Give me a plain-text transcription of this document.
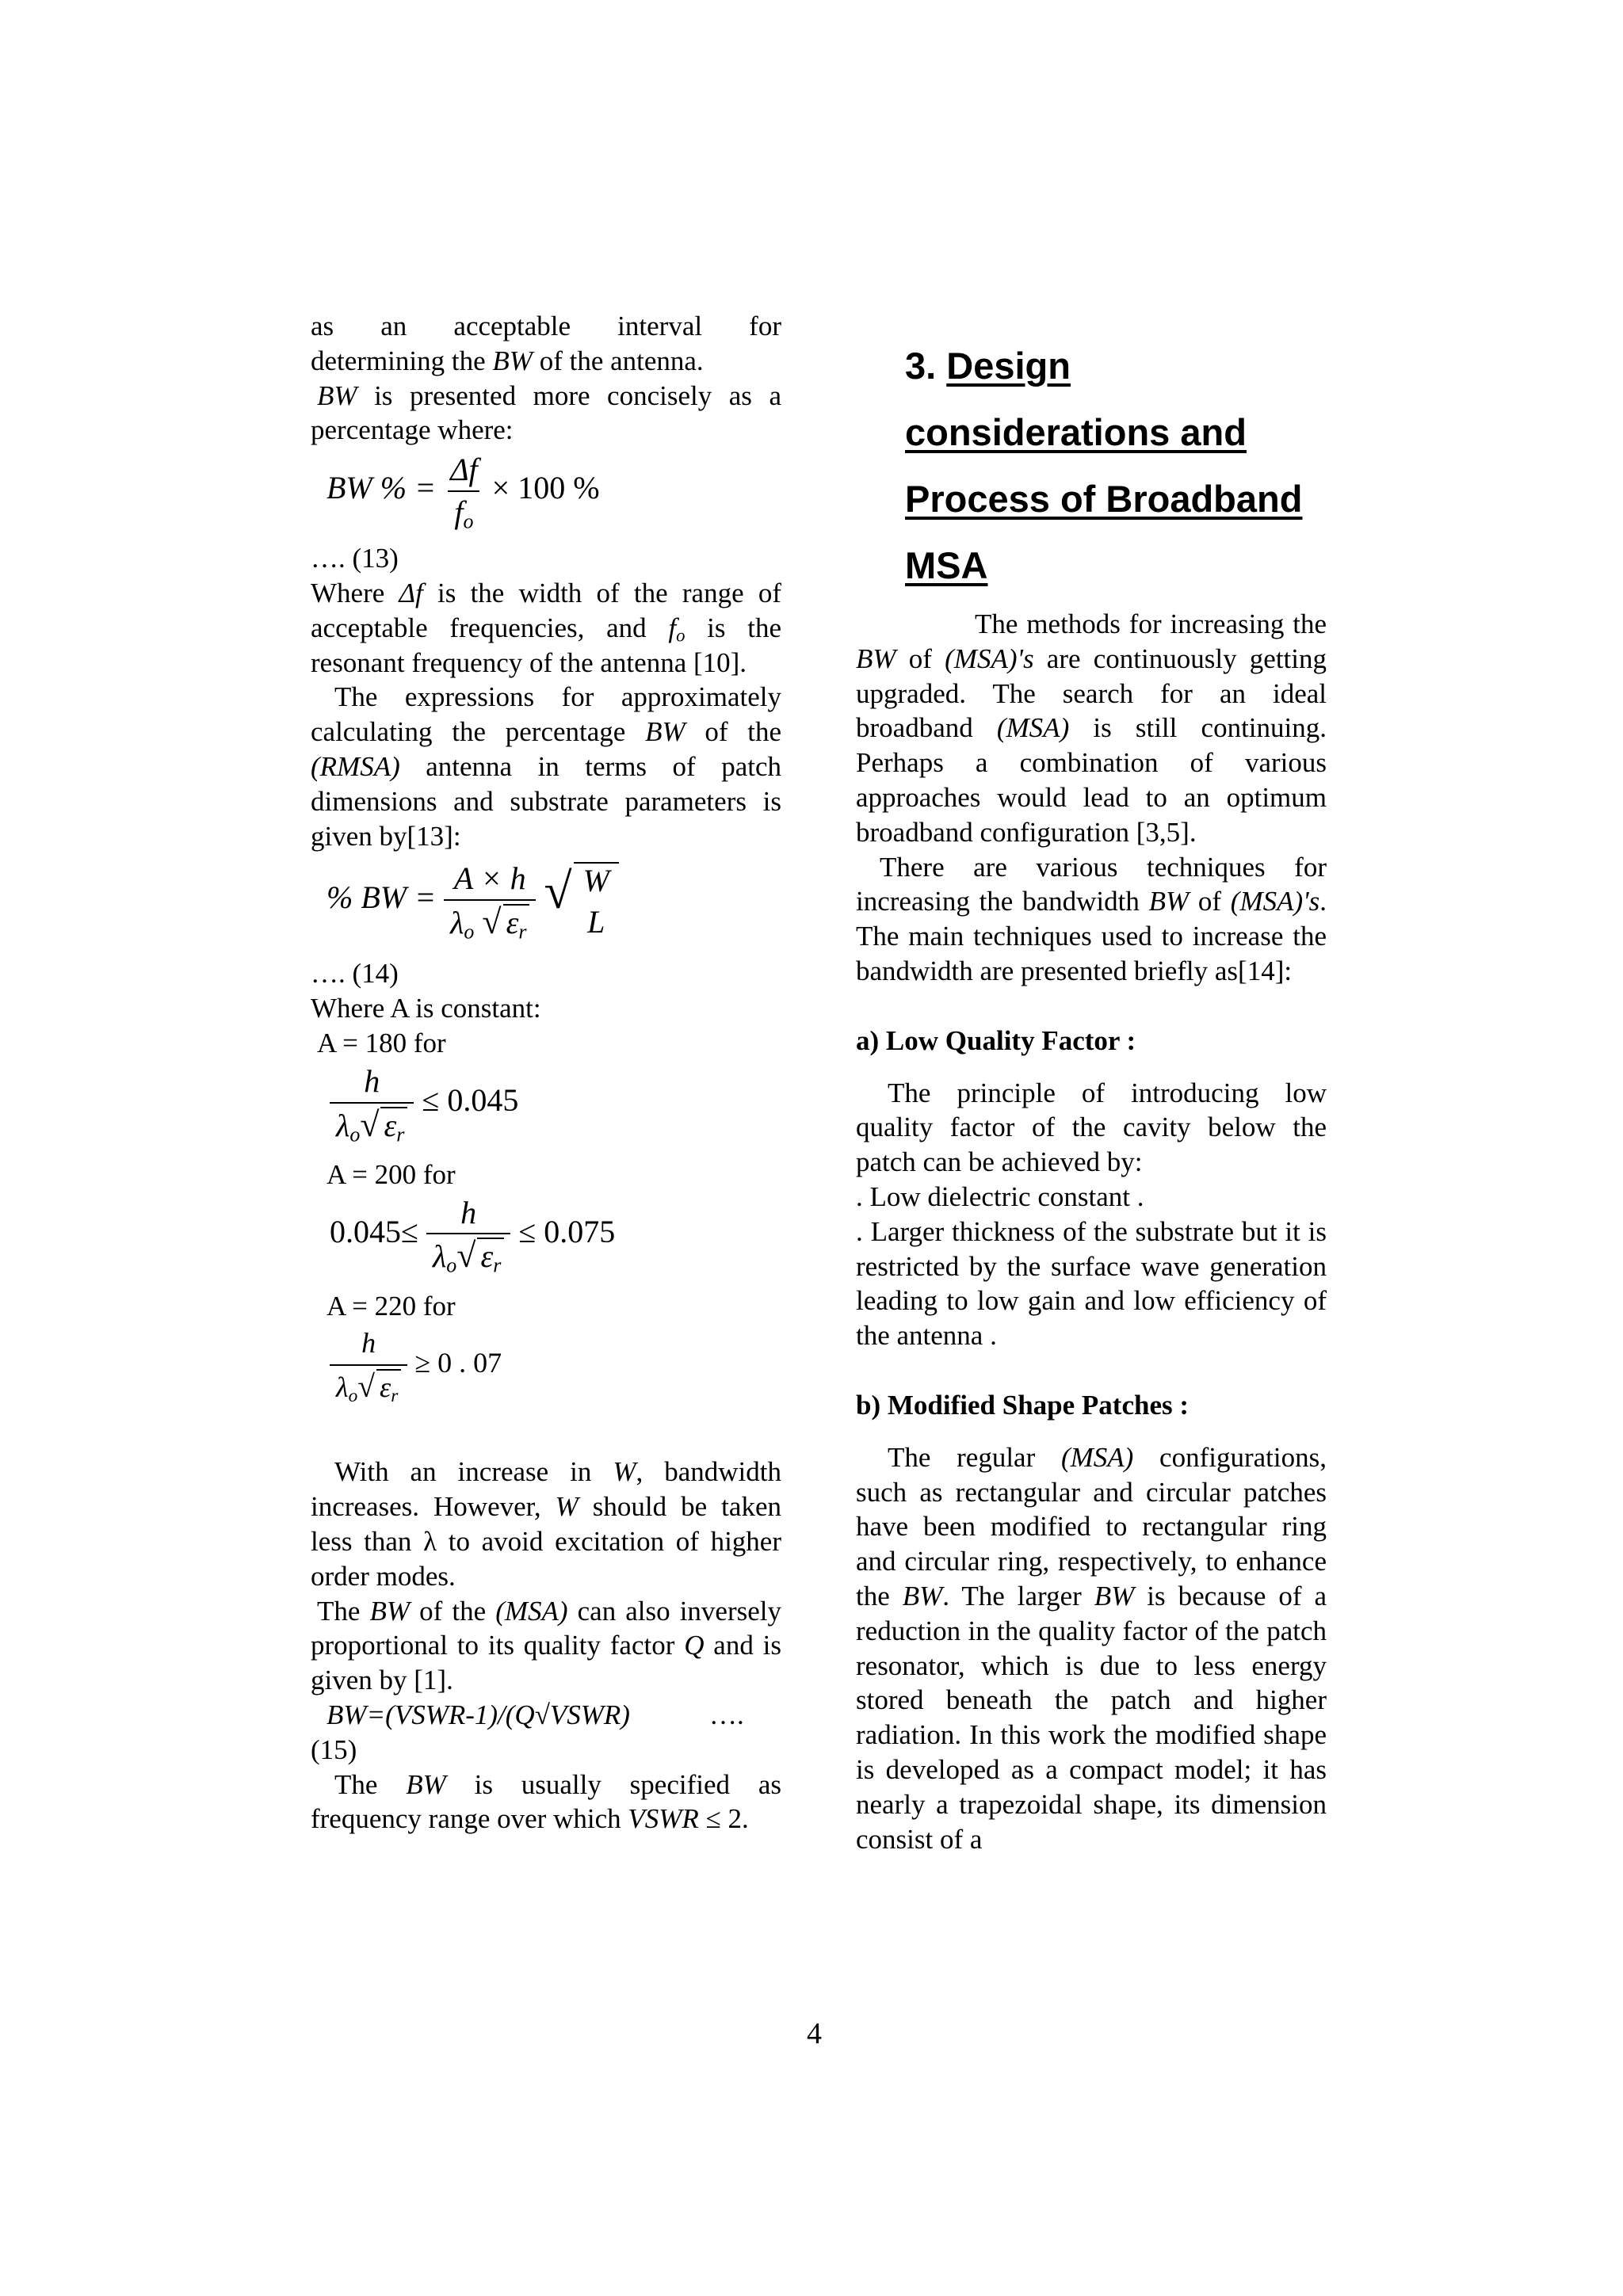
as an acceptable interval for

determining the BW of the antenna.

BW is presented more concisely as a percentage where:

BW % = $\frac{\Delta f}{f_o} \times 100$ %

…. (13)

Where Δf is the width of the range of acceptable frequencies, and $f_o$ is the resonant frequency of the antenna [10].

The expressions for approximately calculating the percentage BW of the (RMSA) antenna in terms of patch dimensions and substrate parameters is given by[13]:

% BW = $\frac{A \times h}{\lambda_o √ \varepsilon_r}$ √ W
L

…. (14)

Where A is constant:

A = 180 for

$\frac{h}{\lambda_o√ \varepsilon_r} \le 0.045$

A = 200 for

$0.045\le \frac{h}{\lambda_o√ \varepsilon_r} \le 0.075$

A = 220 for

$\frac{h}{\lambda_o√ \varepsilon_r} \ge 0$ . 07

With an increase in W, bandwidth increases. However, W should be taken less than λ to avoid excitation of higher order modes.

The BW of the (MSA) can also inversely proportional to its quality factor Q and is given by [1].

BW=(VSWR-1)/(Q√VSWR)	….

(15)

The BW is usually specified as frequency range over which VSWR ≤ 2.

3. Design
considerations and
Process of Broadband
MSA

The methods for increasing the BW of (MSA)'s are continuously getting upgraded. The search for an ideal broadband (MSA) is still continuing. Perhaps a combination of various approaches would lead to an optimum broadband configuration [3,5].

There are various techniques for increasing the bandwidth BW of (MSA)'s. The main techniques used to increase the bandwidth are presented briefly as[14]:

a) Low Quality Factor :

The principle of introducing low quality factor of the cavity below the patch can be achieved by:

. Low dielectric constant .

. Larger thickness of the substrate but it is restricted by the surface wave generation leading to low gain and low efficiency of the antenna .

b) Modified Shape Patches :

The regular (MSA) configurations, such as rectangular and circular patches have been modified to rectangular ring and circular ring, respectively, to enhance the BW. The larger BW is because of a reduction in the quality factor of the patch resonator, which is due to less energy stored beneath the patch and higher radiation. In this work the modified shape is developed as a compact model; it has nearly a trapezoidal shape, its dimension consist of a

4
